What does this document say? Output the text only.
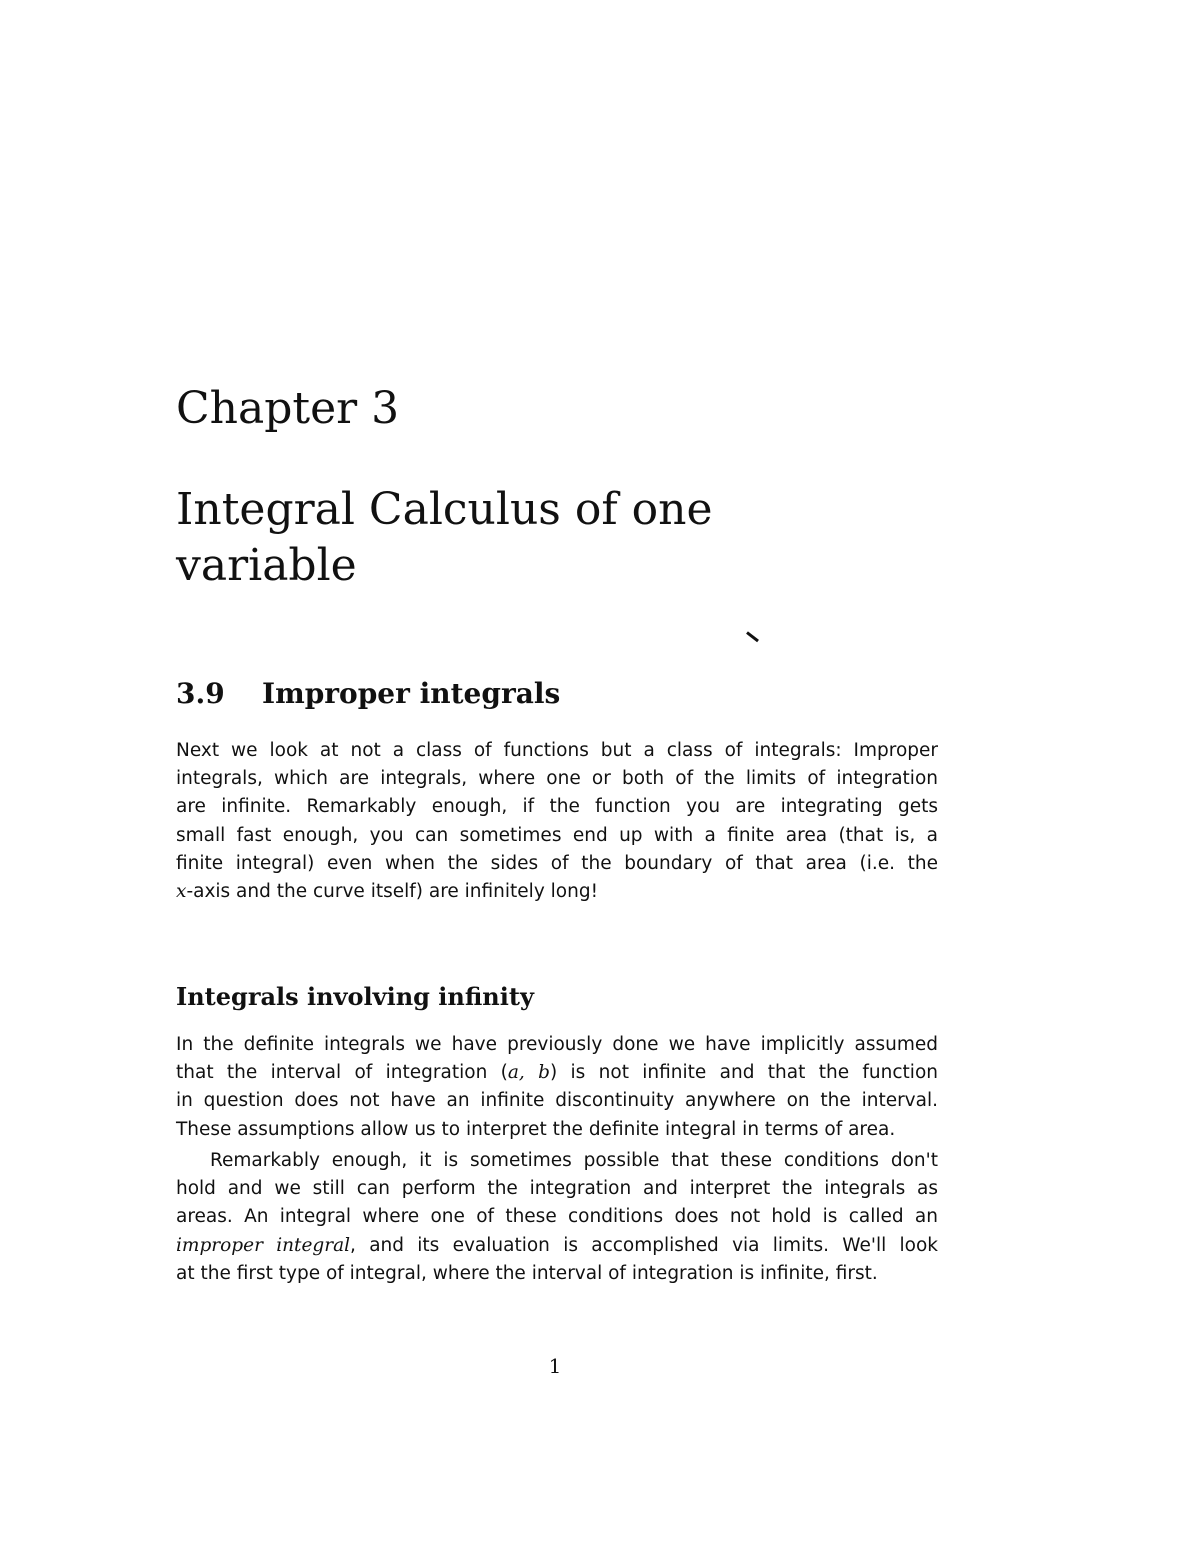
Chapter 3
Integral Calculus of one variable
3.9 Improper integrals

Next we look at not a class of functions but a class of integrals: Improper
integrals, which are integrals, where one or both of the limits of integration
are infinite. Remarkably enough, if the function you are integrating gets
small fast enough, you can sometimes end up with a finite area (that is, a
finite integral) even when the sides of the boundary of that area (i.e. the
x-axis and the curve itself) are infinitely long!

Integrals involving infinity

In the definite integrals we have previously done we have implicitly assumed
that the interval of integration (a, b) is not infinite and that the function
in question does not have an infinite discontinuity anywhere on the interval.
These assumptions allow us to interpret the definite integral in terms of area.

Remarkably enough, it is sometimes possible that these conditions don't
hold and we still can perform the integration and interpret the integrals as
areas. An integral where one of these conditions does not hold is called an
improper integral, and its evaluation is accomplished via limits. We'll look
at the first type of integral, where the interval of integration is infinite, first.

1
